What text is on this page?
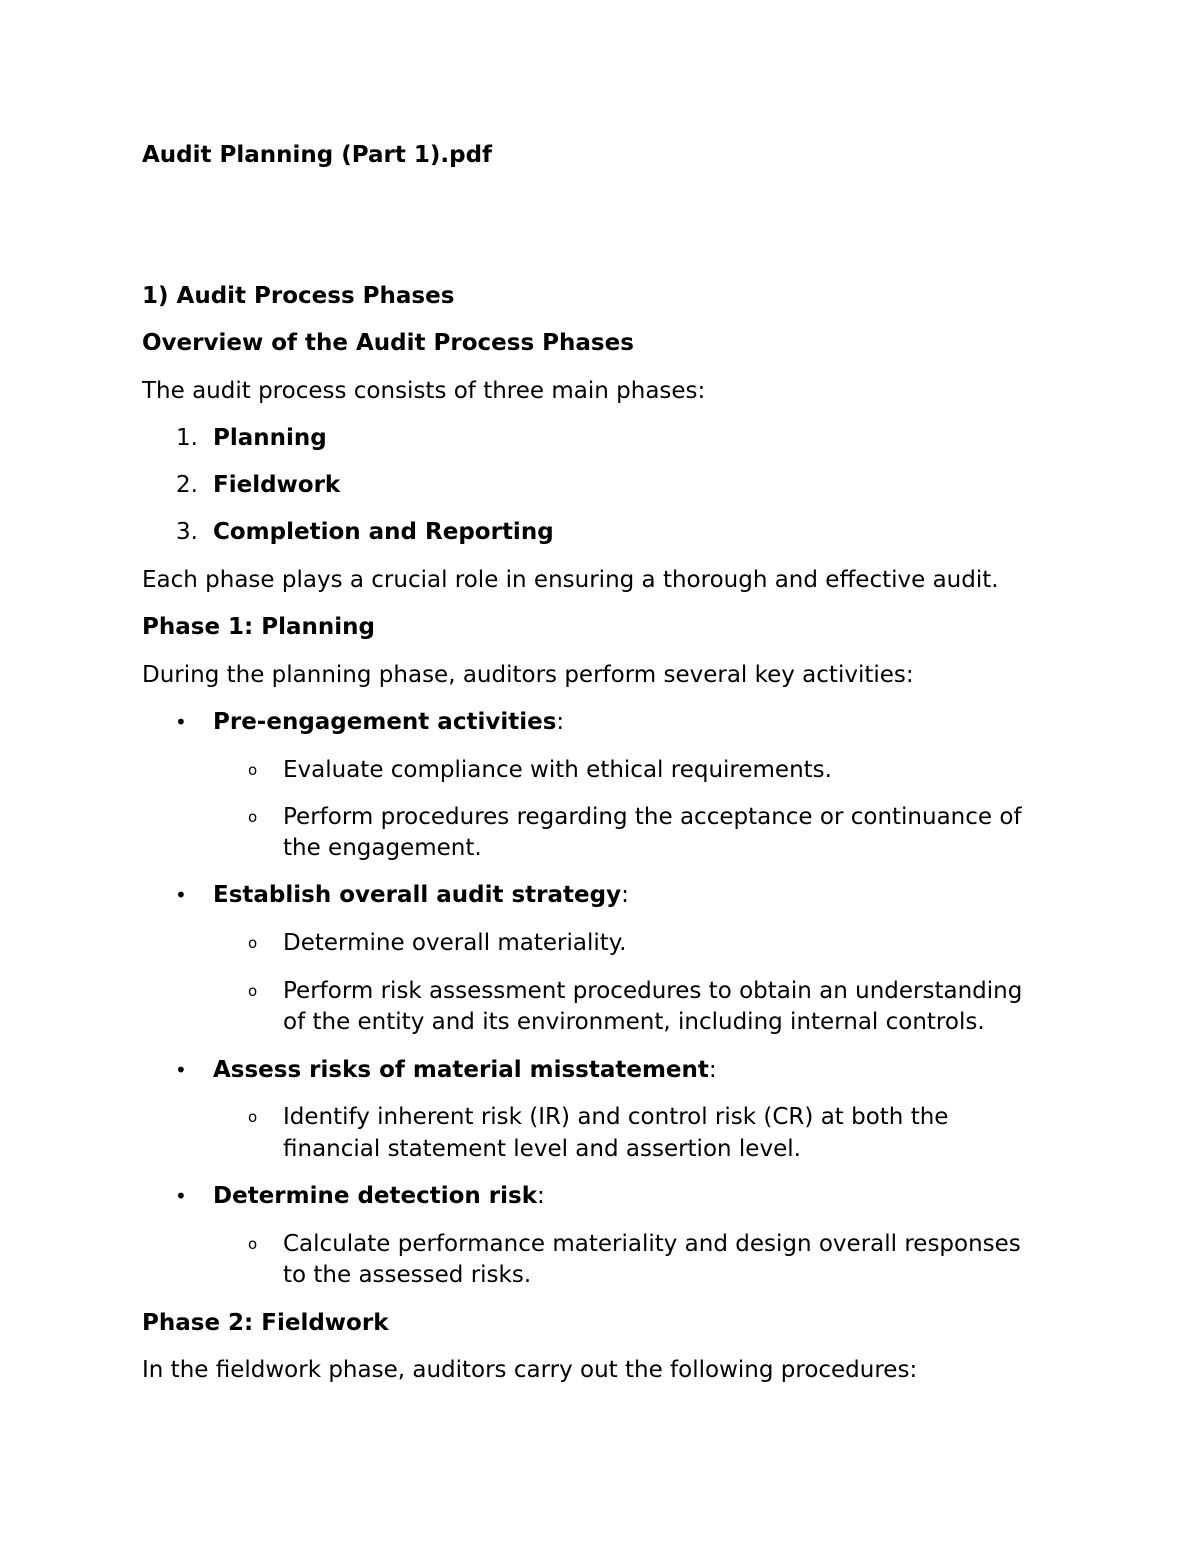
Audit Planning (Part 1).pdf
1) Audit Process Phases
Overview of the Audit Process Phases
The audit process consists of three main phases:
1. Planning
2. Fieldwork
3. Completion and Reporting
Each phase plays a crucial role in ensuring a thorough and effective audit.
Phase 1: Planning
During the planning phase, auditors perform several key activities:
• Pre-engagement activities:
o Evaluate compliance with ethical requirements.
o Perform procedures regarding the acceptance or continuance of
the engagement.
• Establish overall audit strategy:
o Determine overall materiality.
o Perform risk assessment procedures to obtain an understanding
of the entity and its environment, including internal controls.
• Assess risks of material misstatement:
o Identify inherent risk (IR) and control risk (CR) at both the
financial statement level and assertion level.
• Determine detection risk:
o Calculate performance materiality and design overall responses
to the assessed risks.
Phase 2: Fieldwork
In the fieldwork phase, auditors carry out the following procedures:
